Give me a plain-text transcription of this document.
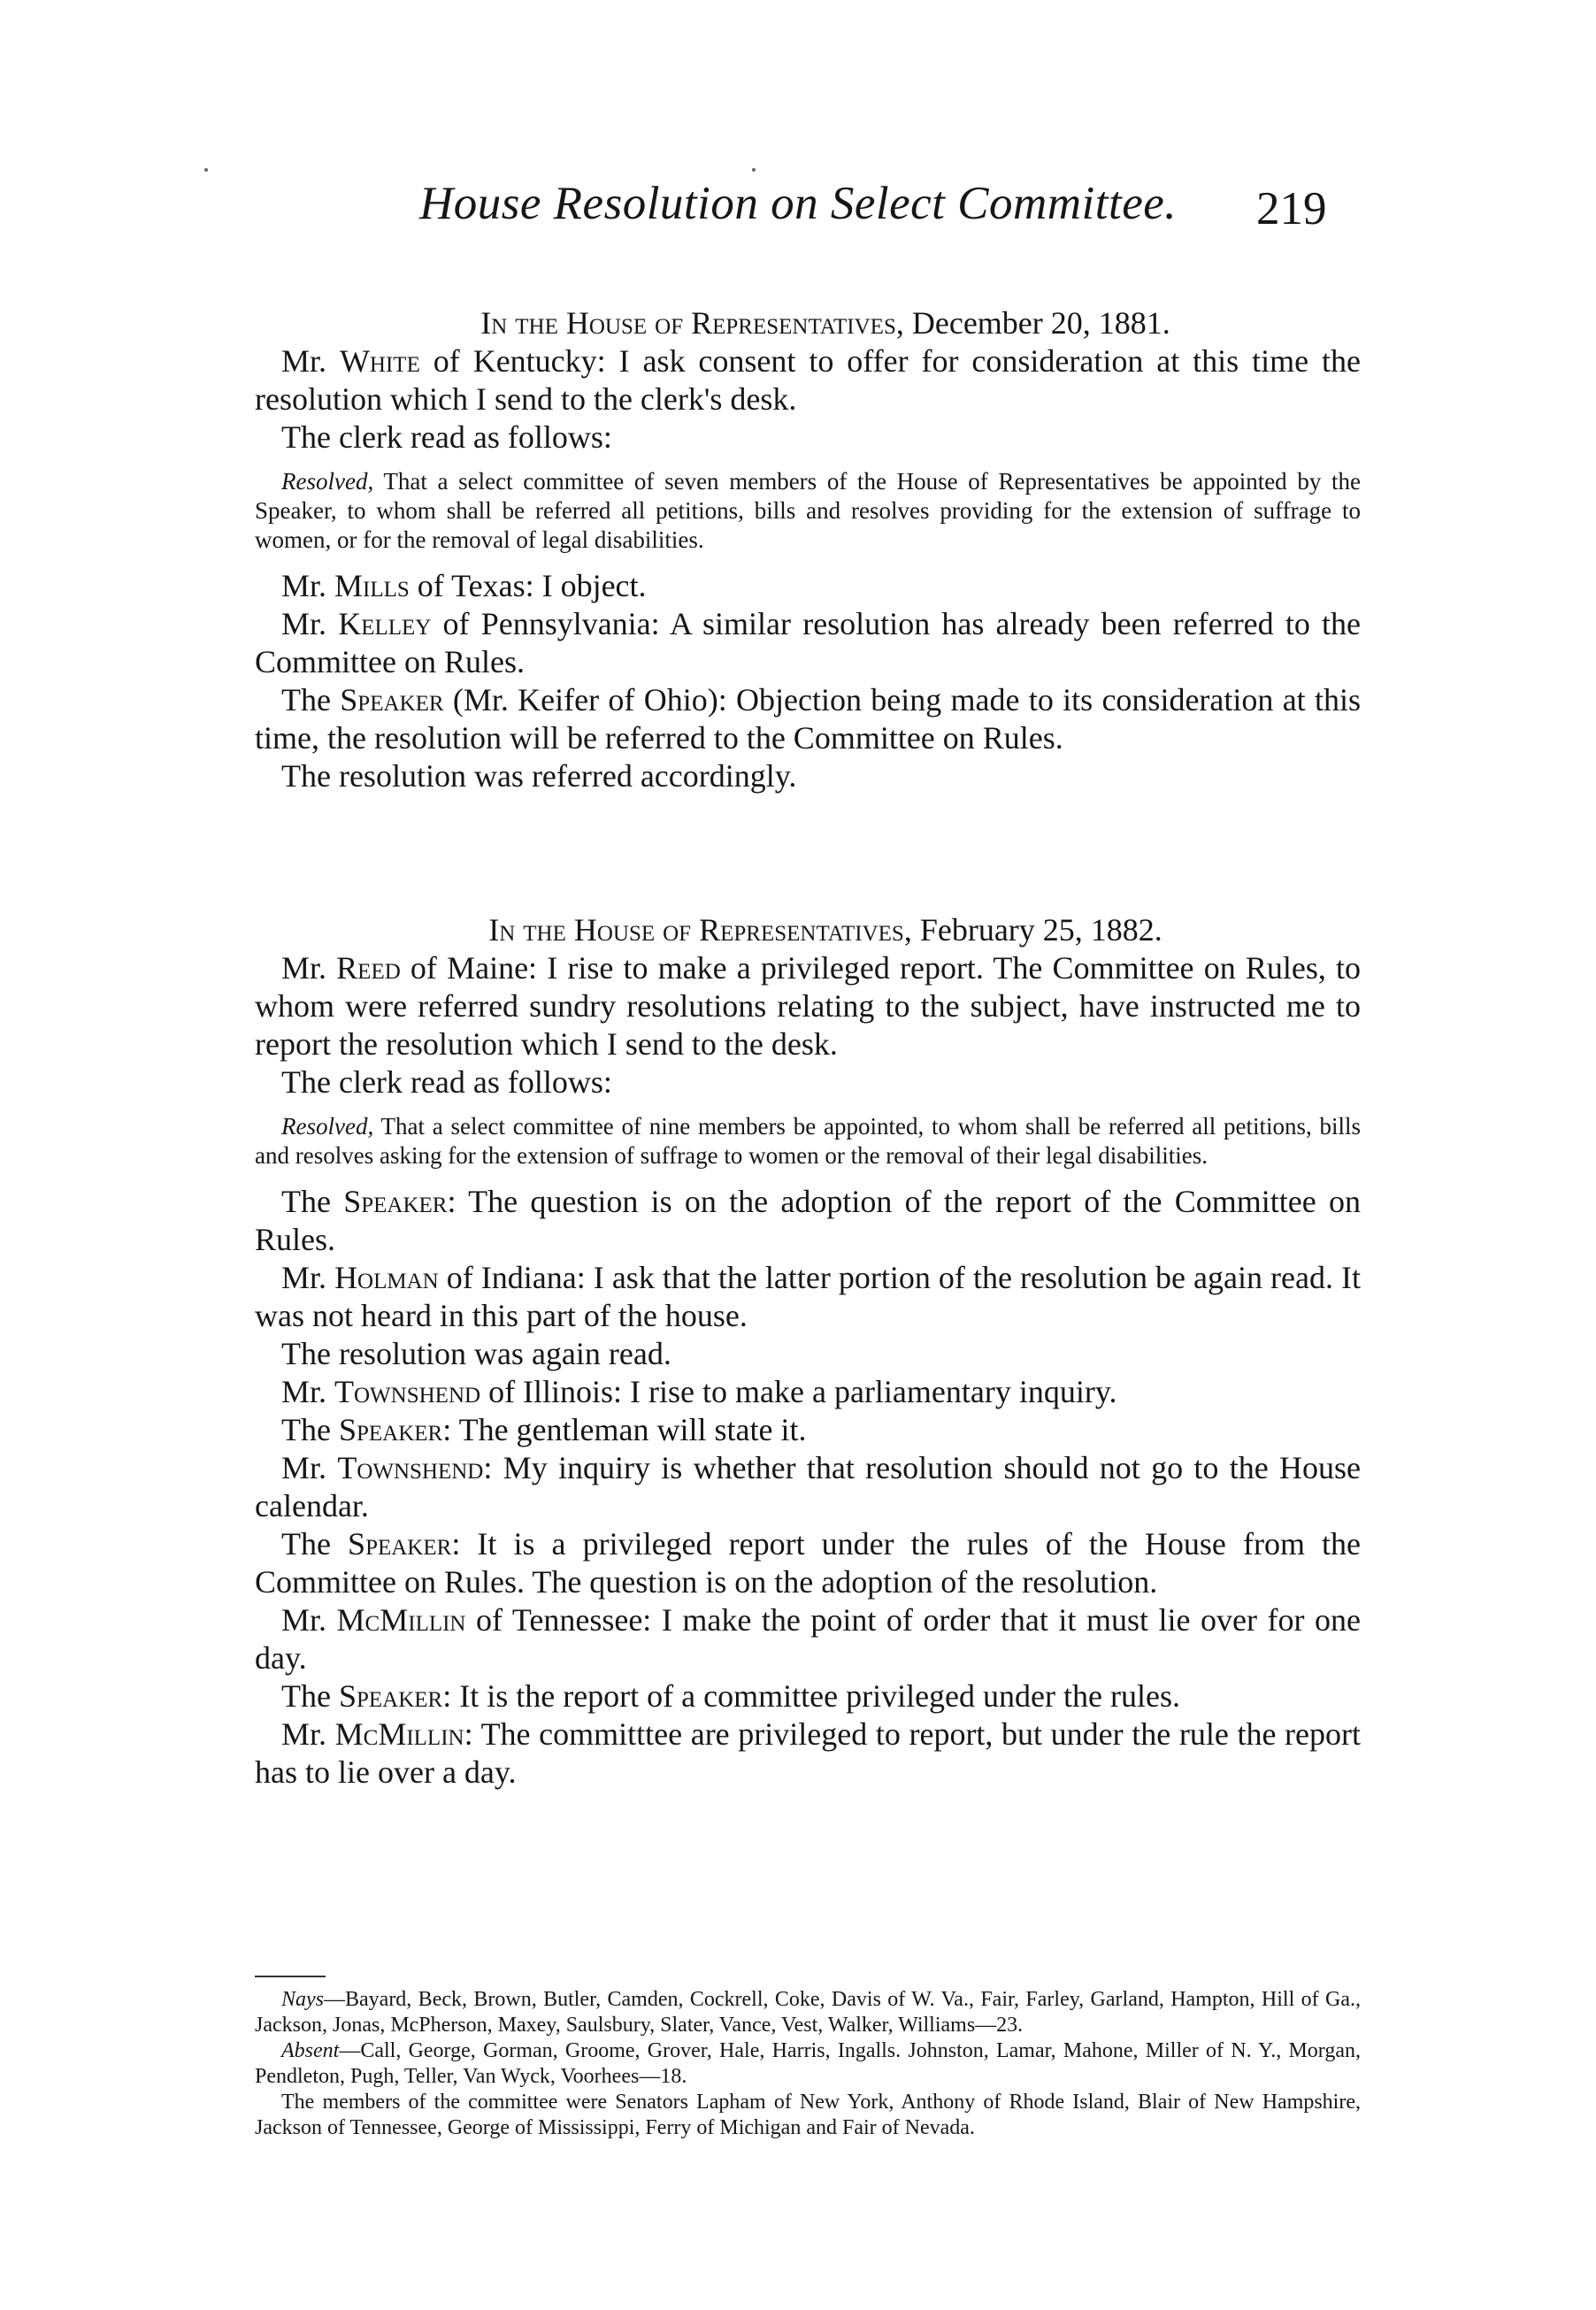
House Resolution on Select Committee. 219

In the House of Representatives, December 20, 1881.

Mr. White of Kentucky: I ask consent to offer for consideration at this time the resolution which I send to the clerk's desk.

The clerk read as follows:

Resolved, That a select committee of seven members of the House of Representatives be appointed by the Speaker, to whom shall be referred all petitions, bills and resolves providing for the extension of suffrage to women, or for the removal of legal disabilities.

Mr. Mills of Texas: I object.

Mr. Kelley of Pennsylvania: A similar resolution has already been referred to the Committee on Rules.

The Speaker (Mr. Keifer of Ohio): Objection being made to its consideration at this time, the resolution will be referred to the Committee on Rules.

The resolution was referred accordingly.

In the House of Representatives, February 25, 1882.

Mr. Reed of Maine: I rise to make a privileged report. The Committee on Rules, to whom were referred sundry resolutions relating to the subject, have instructed me to report the resolution which I send to the desk.

The clerk read as follows:

Resolved, That a select committee of nine members be appointed, to whom shall be referred all petitions, bills and resolves asking for the extension of suffrage to women or the removal of their legal disabilities.

The Speaker: The question is on the adoption of the report of the Committee on Rules.

Mr. Holman of Indiana: I ask that the latter portion of the resolution be again read. It was not heard in this part of the house.

The resolution was again read.

Mr. Townshend of Illinois: I rise to make a parliamentary inquiry.

The Speaker: The gentleman will state it.

Mr. Townshend: My inquiry is whether that resolution should not go to the House calendar.

The Speaker: It is a privileged report under the rules of the House from the Committee on Rules. The question is on the adoption of the resolution.

Mr. McMillin of Tennessee: I make the point of order that it must lie over for one day.

The Speaker: It is the report of a committee privileged under the rules.

Mr. McMillin: The committtee are privileged to report, but under the rule the report has to lie over a day.

Nays—Bayard, Beck, Brown, Butler, Camden, Cockrell, Coke, Davis of W. Va., Fair, Farley, Garland, Hampton, Hill of Ga., Jackson, Jonas, McPherson, Maxey, Saulsbury, Slater, Vance, Vest, Walker, Williams—23.

Absent—Call, George, Gorman, Groome, Grover, Hale, Harris, Ingalls. Johnston, Lamar, Mahone, Miller of N. Y., Morgan, Pendleton, Pugh, Teller, Van Wyck, Voorhees—18.

The members of the committee were Senators Lapham of New York, Anthony of Rhode Island, Blair of New Hampshire, Jackson of Tennessee, George of Mississippi, Ferry of Michigan and Fair of Nevada.
